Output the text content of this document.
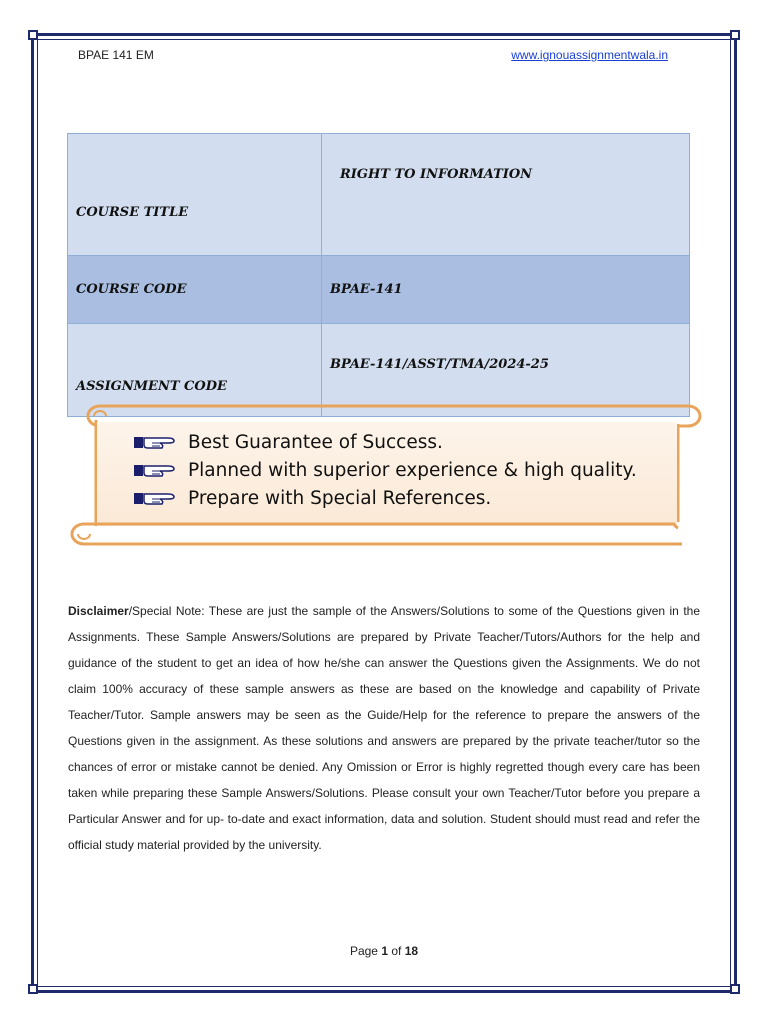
BPAE 141 EM	www.ignouassignmentwala.in
COURSE TITLE	RIGHT TO INFORMATION
COURSE CODE	BPAE-141
ASSIGNMENT CODE	BPAE-141/ASST/TMA/2024-25
Best Guarantee of Success.
Planned with superior experience & high quality.
Prepare with Special References.
Disclaimer/Special Note: These are just the sample of the Answers/Solutions to some of the Questions given in the Assignments. These Sample Answers/Solutions are prepared by Private Teacher/Tutors/Authors for the help and guidance of the student to get an idea of how he/she can answer the Questions given the Assignments. We do not claim 100% accuracy of these sample answers as these are based on the knowledge and capability of Private Teacher/Tutor. Sample answers may be seen as the Guide/Help for the reference to prepare the answers of the Questions given in the assignment. As these solutions and answers are prepared by the private teacher/tutor so the chances of error or mistake cannot be denied. Any Omission or Error is highly regretted though every care has been taken while preparing these Sample Answers/Solutions. Please consult your own Teacher/Tutor before you prepare a Particular Answer and for up- to-date and exact information, data and solution. Student should must read and refer the official study material provided by the university.
Page 1 of 18
